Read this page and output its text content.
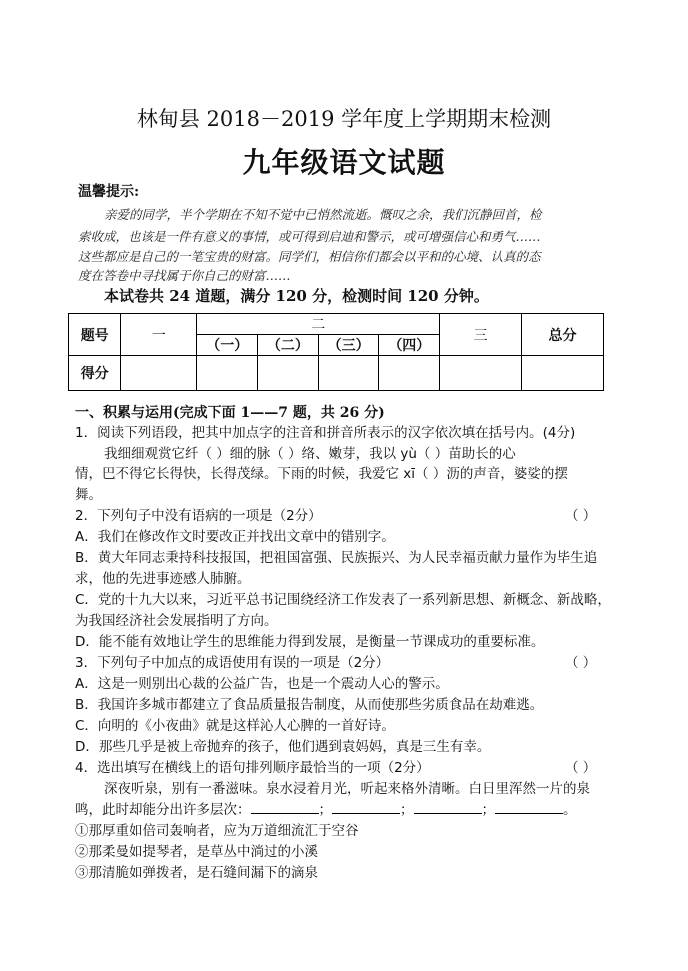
林甸县 2018－2019 学年度上学期期末检测
九年级语文试题
温馨提示:
亲爱的同学，半个学期在不知不觉中已悄然流逝。慨叹之余，我们沉静回首，检
索收成，也该是一件有意义的事情，或可得到启迪和警示，或可增强信心和勇气……
这些都应是自己的一笔宝贵的财富。同学们，相信你们都会以平和的心境、认真的态
度在答卷中寻找属于你自己的财富……
本试卷共 24 道题，满分 120 分，检测时间 120 分钟。
题号	一	二				三	总分
		（一）	（二）	（三）	（四）		
得分							
一、积累与运用(完成下面 1——7 题，共 26 分)
1．阅读下列语段，把其中加点字的注音和拼音所表示的汉字依次填在括号内。(4分)
我细细观赏它纤（ ）细的脉（ ）络、嫩芽，我以 yù（ ）苗助长的心
情，巴不得它长得快，长得茂绿。下雨的时候，我爱它 xī（ ）沥的声音，婆娑的摆
舞。
2．下列句子中没有语病的一项是（2分）	（ ）
A．我们在修改作文时要改正并找出文章中的错别字。
B．黄大年同志秉持科技报国，把祖国富强、民族振兴、为人民幸福贡献力量作为毕生追
求，他的先进事迹感人肺腑。
C．党的十九大以来，习近平总书记围绕经济工作发表了一系列新思想、新概念、新战略，
为我国经济社会发展指明了方向。
D．能不能有效地让学生的思维能力得到发展，是衡量一节课成功的重要标准。
3．下列句子中加点的成语使用有误的一项是（2分）	（ ）
A．这是一则别出心裁的公益广告，也是一个震动人心的警示。
B．我国许多城市都建立了食品质量报告制度，从而使那些劣质食品在劫难逃。
C．向明的《小夜曲》就是这样沁人心脾的一首好诗。
D．那些几乎是被上帝抛弃的孩子，他们遇到袁妈妈，真是三生有幸。
4．选出填写在横线上的语句排列顺序最恰当的一项（2分）	（ ）
深夜听泉，别有一番滋味。泉水浸着月光，听起来格外清晰。白日里浑然一片的泉
鸣，此时却能分出许多层次：	；	；	；	。
①那厚重如倍司轰响者，应为万道细流汇于空谷
②那柔曼如提琴者，是草丛中淌过的小溪
③那清脆如弹拨者，是石缝间漏下的滴泉
